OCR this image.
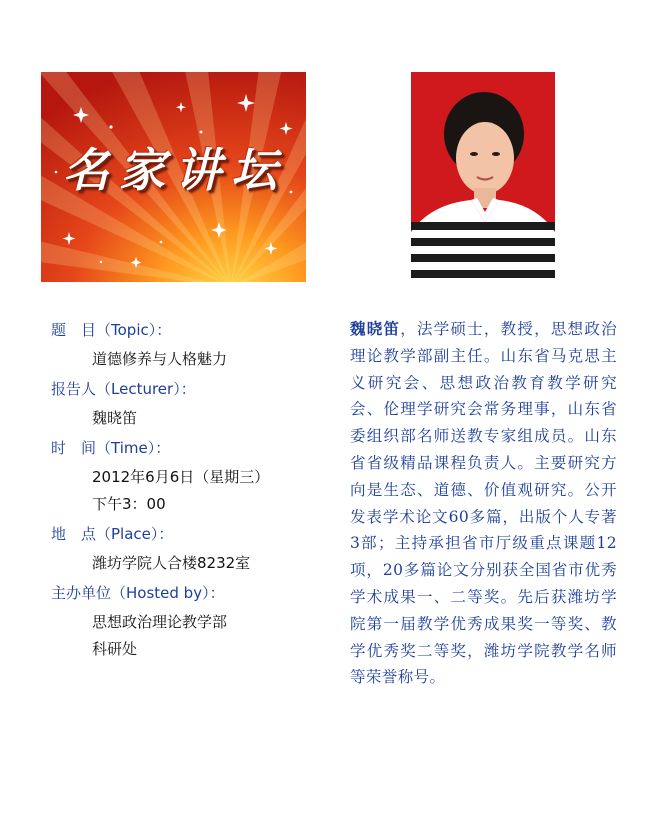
名家讲坛
题　目（Topic）：
道德修养与人格魅力
报告人（Lecturer）：
魏晓笛
时　间（Time）：
2012年6月6日（星期三）
下午3：00
地　点（Place）：
潍坊学院人合楼8232室
主办单位（Hosted by）：
思想政治理论教学部
科研处
魏晓笛，法学硕士，教授，思想政治理论教学部副主任。山东省马克思主义研究会、思想政治教育教学研究会、伦理学研究会常务理事，山东省委组织部名师送教专家组成员。山东省省级精品课程负责人。主要研究方向是生态、道德、价值观研究。公开发表学术论文60多篇，出版个人专著3部；主持承担省市厅级重点课题12项，20多篇论文分别获全国省市优秀学术成果一、二等奖。先后获潍坊学院第一届教学优秀成果奖一等奖、教学优秀奖二等奖，潍坊学院教学名师等荣誉称号。
